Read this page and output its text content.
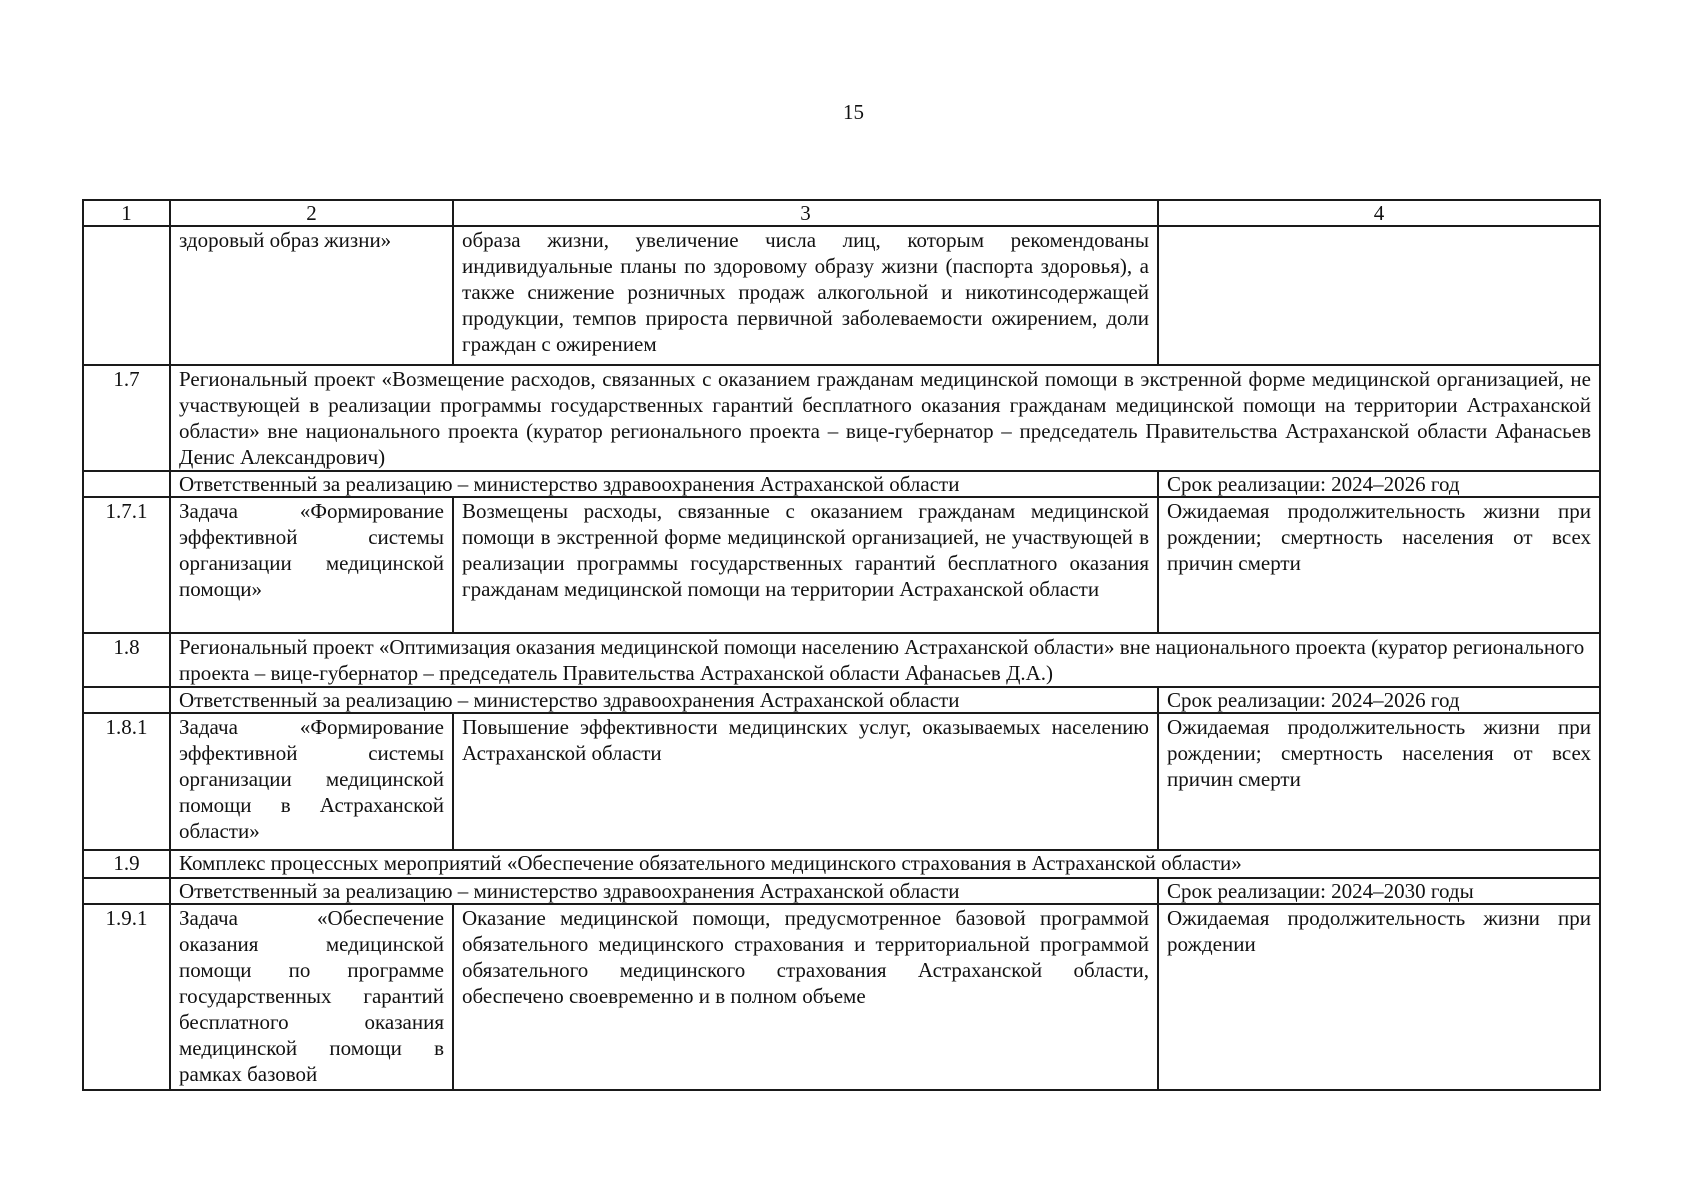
15
1	2	3	4
	здоровый образ жизни»	образа жизни, увеличение числа лиц, которым рекомендованы индивидуальные планы по здоровому образу жизни (паспорта здоровья), а также снижение розничных продаж алкогольной и никотинсодержащей продукции, темпов прироста первичной заболеваемости ожирением, доли граждан с ожирением	
1.7	Региональный проект «Возмещение расходов, связанных с оказанием гражданам медицинской помощи в экстренной форме медицинской организацией, не участвующей в реализации программы государственных гарантий бесплатного оказания гражданам медицинской помощи на территории Астраханской области» вне национального проекта (куратор регионального проекта – вице-губернатор – председатель Правительства Астраханской области Афанасьев Денис Александрович)		
	Ответственный за реализацию – министерство здравоохранения Астраханской области		Срок реализации: 2024–2026 год
1.7.1	Задача «Формирование эффективной системы организации медицинской помощи»	Возмещены расходы, связанные с оказанием гражданам медицинской помощи в экстренной форме медицинской организацией, не участвующей в реализации программы государственных гарантий бесплатного оказания гражданам медицинской помощи на территории Астраханской области	Ожидаемая продолжительность жизни при рождении; смертность населения от всех причин смерти
1.8	Региональный проект «Оптимизация оказания медицинской помощи населению Астраханской области» вне национального проекта (куратор регионального проекта – вице-губернатор – председатель Правительства Астраханской области Афанасьев Д.А.)		
	Ответственный за реализацию – министерство здравоохранения Астраханской области		Срок реализации: 2024–2026 год
1.8.1	Задача «Формирование эффективной системы организации медицинской помощи в Астраханской области»	Повышение эффективности медицинских услуг, оказываемых населению Астраханской области	Ожидаемая продолжительность жизни при рождении; смертность населения от всех причин смерти
1.9	Комплекс процессных мероприятий «Обеспечение обязательного медицинского страхования в Астраханской области»		
	Ответственный за реализацию – министерство здравоохранения Астраханской области		Срок реализации: 2024–2030 годы
1.9.1	Задача «Обеспечение оказания медицинской помощи по программе государственных гарантий бесплатного оказания медицинской помощи в рамках базовой	Оказание медицинской помощи, предусмотренное базовой программой обязательного медицинского страхования и территориальной программой обязательного медицинского страхования Астраханской области, обеспечено своевременно и в полном объеме	Ожидаемая продолжительность жизни при рождении
